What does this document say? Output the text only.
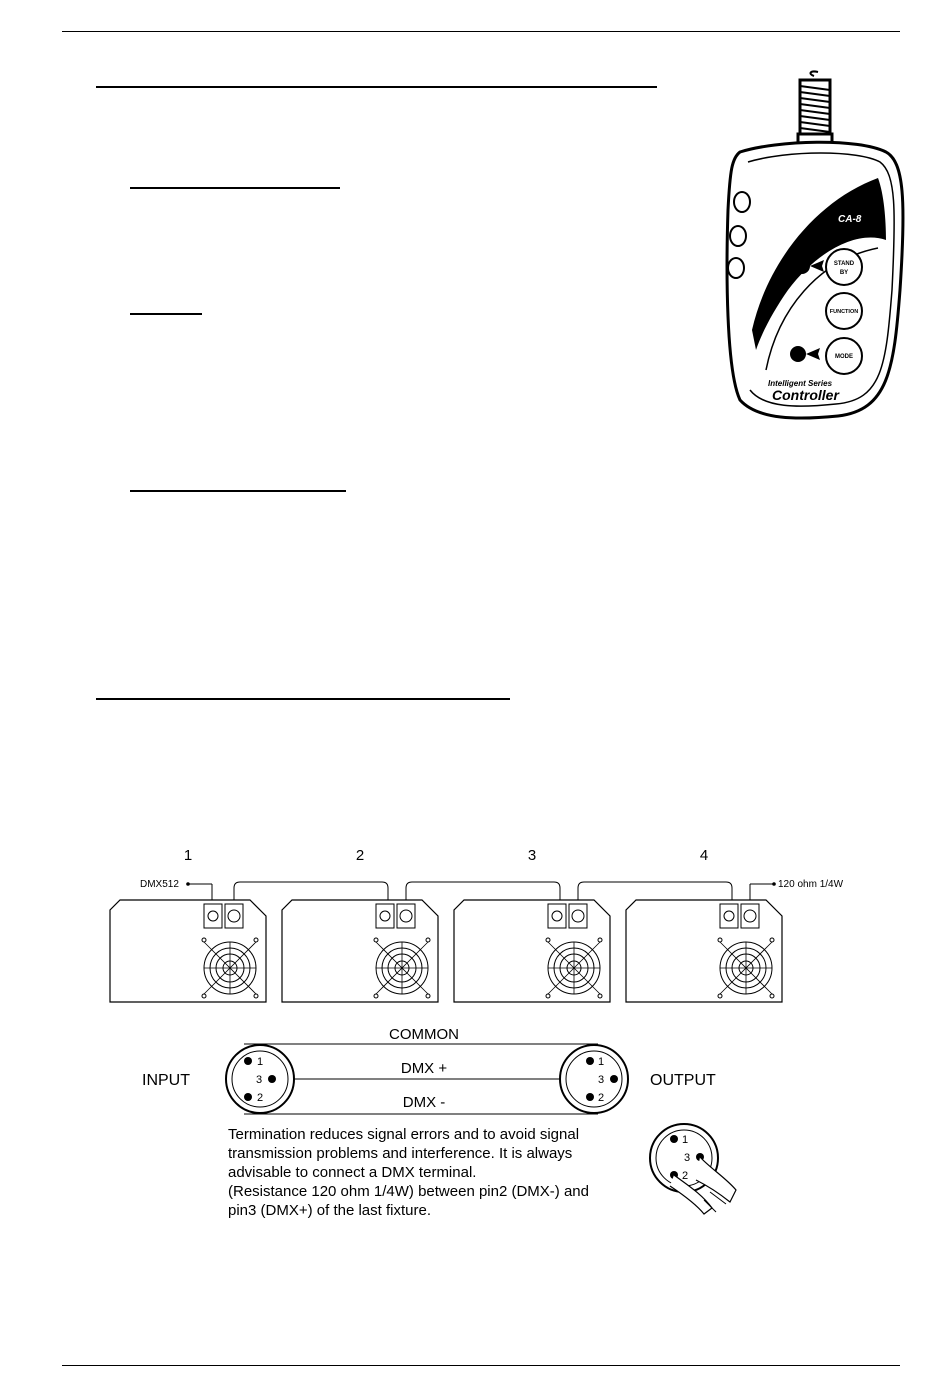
CA-8
STAND
BY
FUNCTION
MODE
Intelligent Series
Controller
1	2	3	4
DMX512	120 ohm 1/4W
COMMON
DMX +
DMX -
INPUT	OUTPUT
1
3
2
1
3
2
1
3
2
Termination reduces signal errors and to avoid signal
transmission problems and interference. It is always
advisable to connect a DMX terminal.
(Resistance 120 ohm 1/4W) between pin2 (DMX-) and
pin3 (DMX+) of the last fixture.
